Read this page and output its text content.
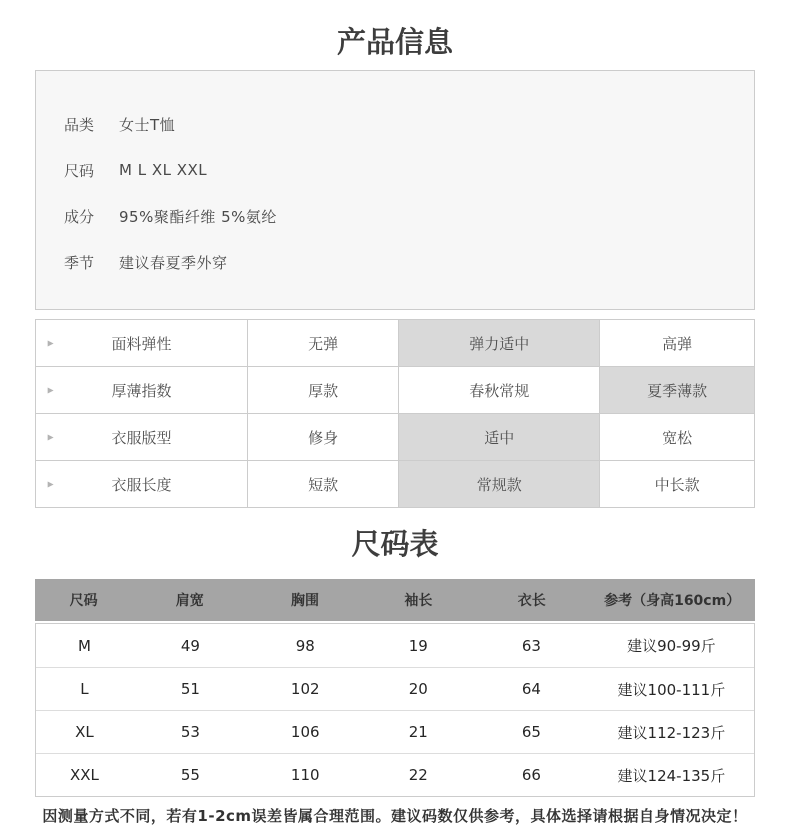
产品信息
品类 女士T恤
尺码 M L XL XXL
成分 95%聚酯纤维 5%氨纶
季节 建议春夏季外穿
▶	面料弹性	无弹	弹力适中	高弹
▶	厚薄指数	厚款	春秋常规	夏季薄款
▶	衣服版型	修身	适中	宽松
▶	衣服长度	短款	常规款	中长款
尺码表
尺码	肩宽	胸围	袖长	衣长	参考（身高160cm）
M	49	98	19	63	建议90-99斤
L	51	102	20	64	建议100-111斤
XL	53	106	21	65	建议112-123斤
XXL	55	110	22	66	建议124-135斤
因测量方式不同，若有1-2cm误差皆属合理范围。建议码数仅供参考，具体选择请根据自身情况决定！
